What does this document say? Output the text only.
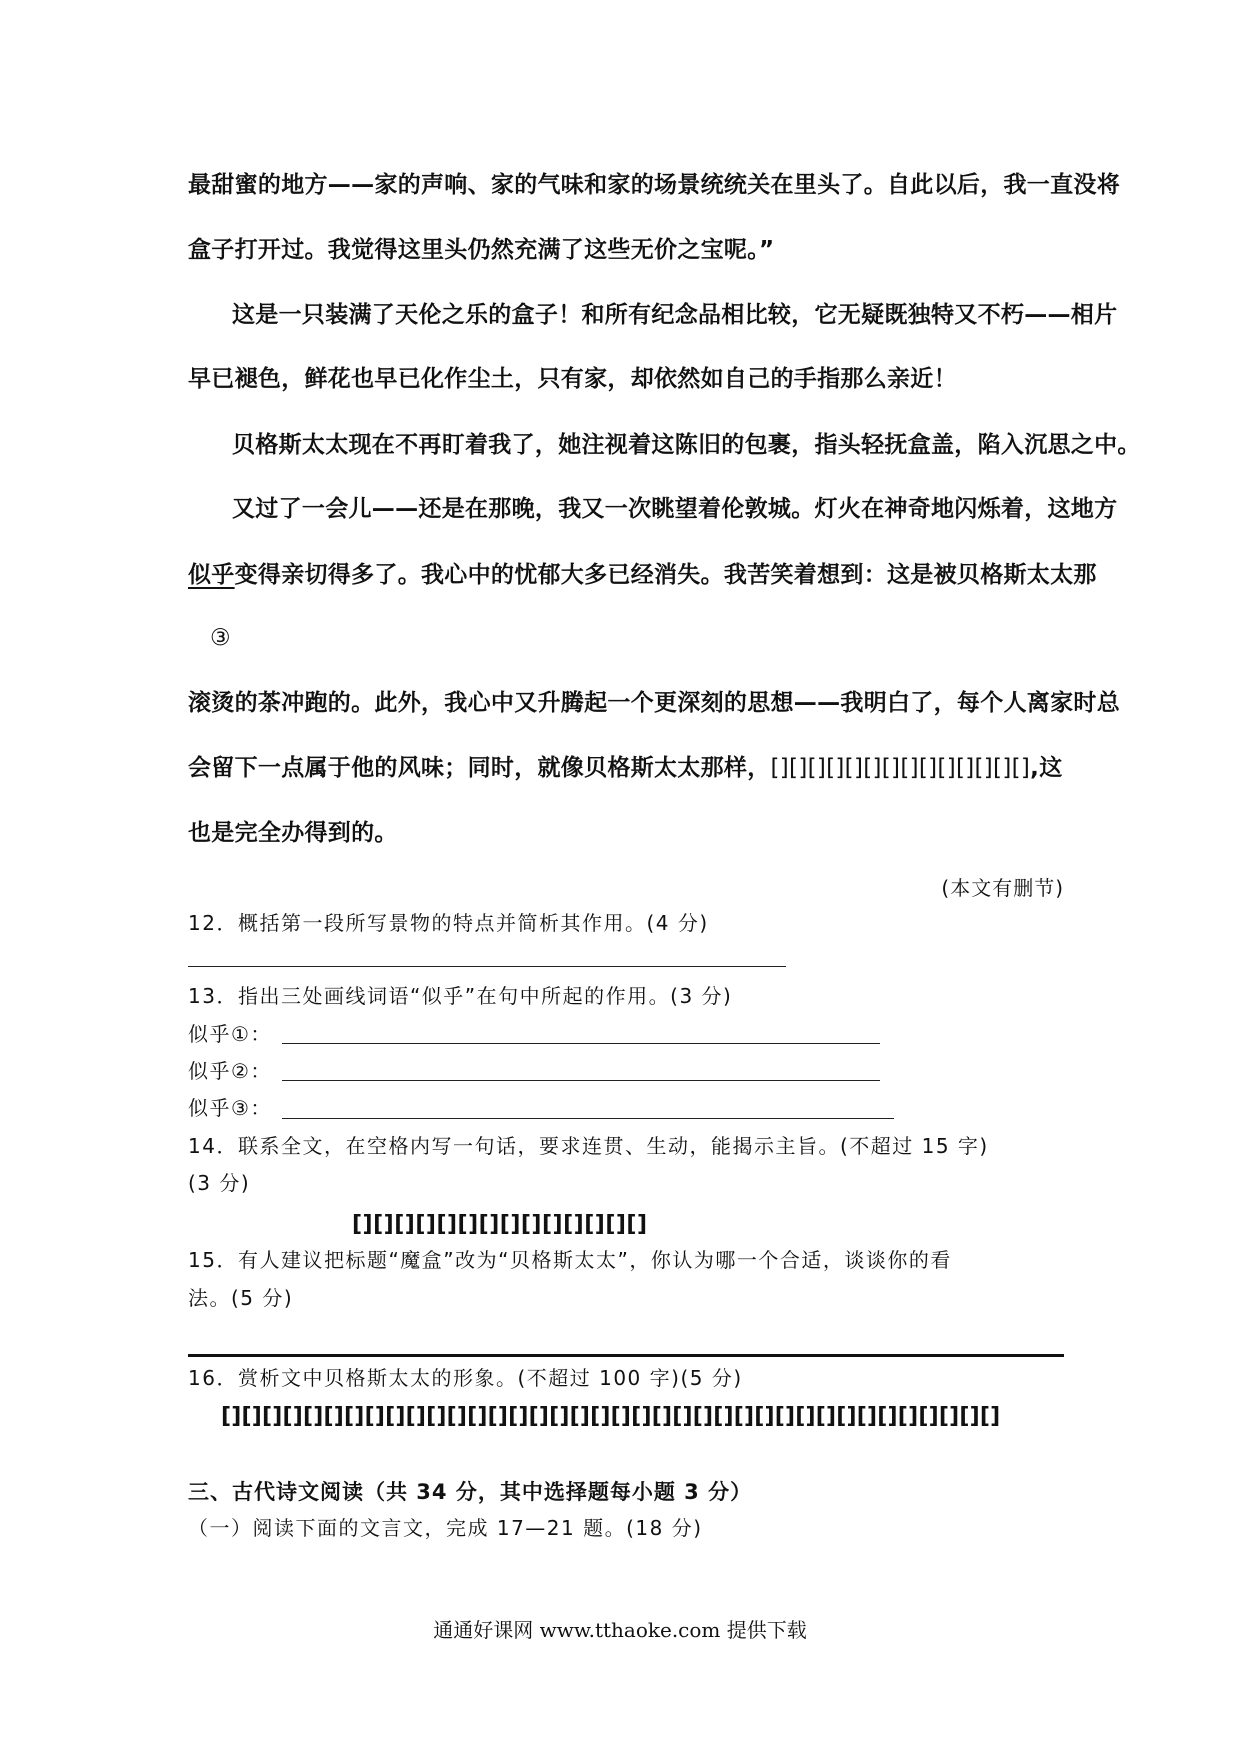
最甜蜜的地方——家的声响、家的气味和家的场景统统关在里头了。自此以后，我一直没将
盒子打开过。我觉得这里头仍然充满了这些无价之宝呢。”
这是一只装满了天伦之乐的盒子！和所有纪念品相比较，它无疑既独特又不朽——相片
早已褪色，鲜花也早已化作尘土，只有家，却依然如自己的手指那么亲近！
贝格斯太太现在不再盯着我了，她注视着这陈旧的包裹，指头轻抚盒盖，陷入沉思之中。
又过了一会儿——还是在那晚，我又一次眺望着伦敦城。灯火在神奇地闪烁着，这地方
似乎变得亲切得多了。我心中的忧郁大多已经消失。我苦笑着想到：这是被贝格斯太太那
③
滚烫的茶冲跑的。此外，我心中又升腾起一个更深刻的思想——我明白了，每个人离家时总
会留下一点属于他的风味；同时，就像贝格斯太太那样，[][][][][][][][][][][][][][],这
也是完全办得到的。
(本文有删节)
12．概括第一段所写景物的特点并简析其作用。(4 分)
13．指出三处画线词语“似乎”在句中所起的作用。(3 分)
似乎①：
似乎②：
似乎③：
14．联系全文，在空格内写一句话，要求连贯、生动，能揭示主旨。(不超过 15 字)
(3 分)
[][][][][][][][][][][][][][]
15．有人建议把标题“魔盒”改为“贝格斯太太”，你认为哪一个合适，谈谈你的看
法。(5 分)
16．赏析文中贝格斯太太的形象。(不超过 100 字)(5 分)
[][][][][][][][][][][][][][][][][][][][][][][][][][][][][][][][][][][][][][]
三、古代诗文阅读（共 34 分，其中选择题每小题 3 分）
（一）阅读下面的文言文，完成 17—21 题。(18 分)
通通好课网 www.tthaoke.com 提供下载
